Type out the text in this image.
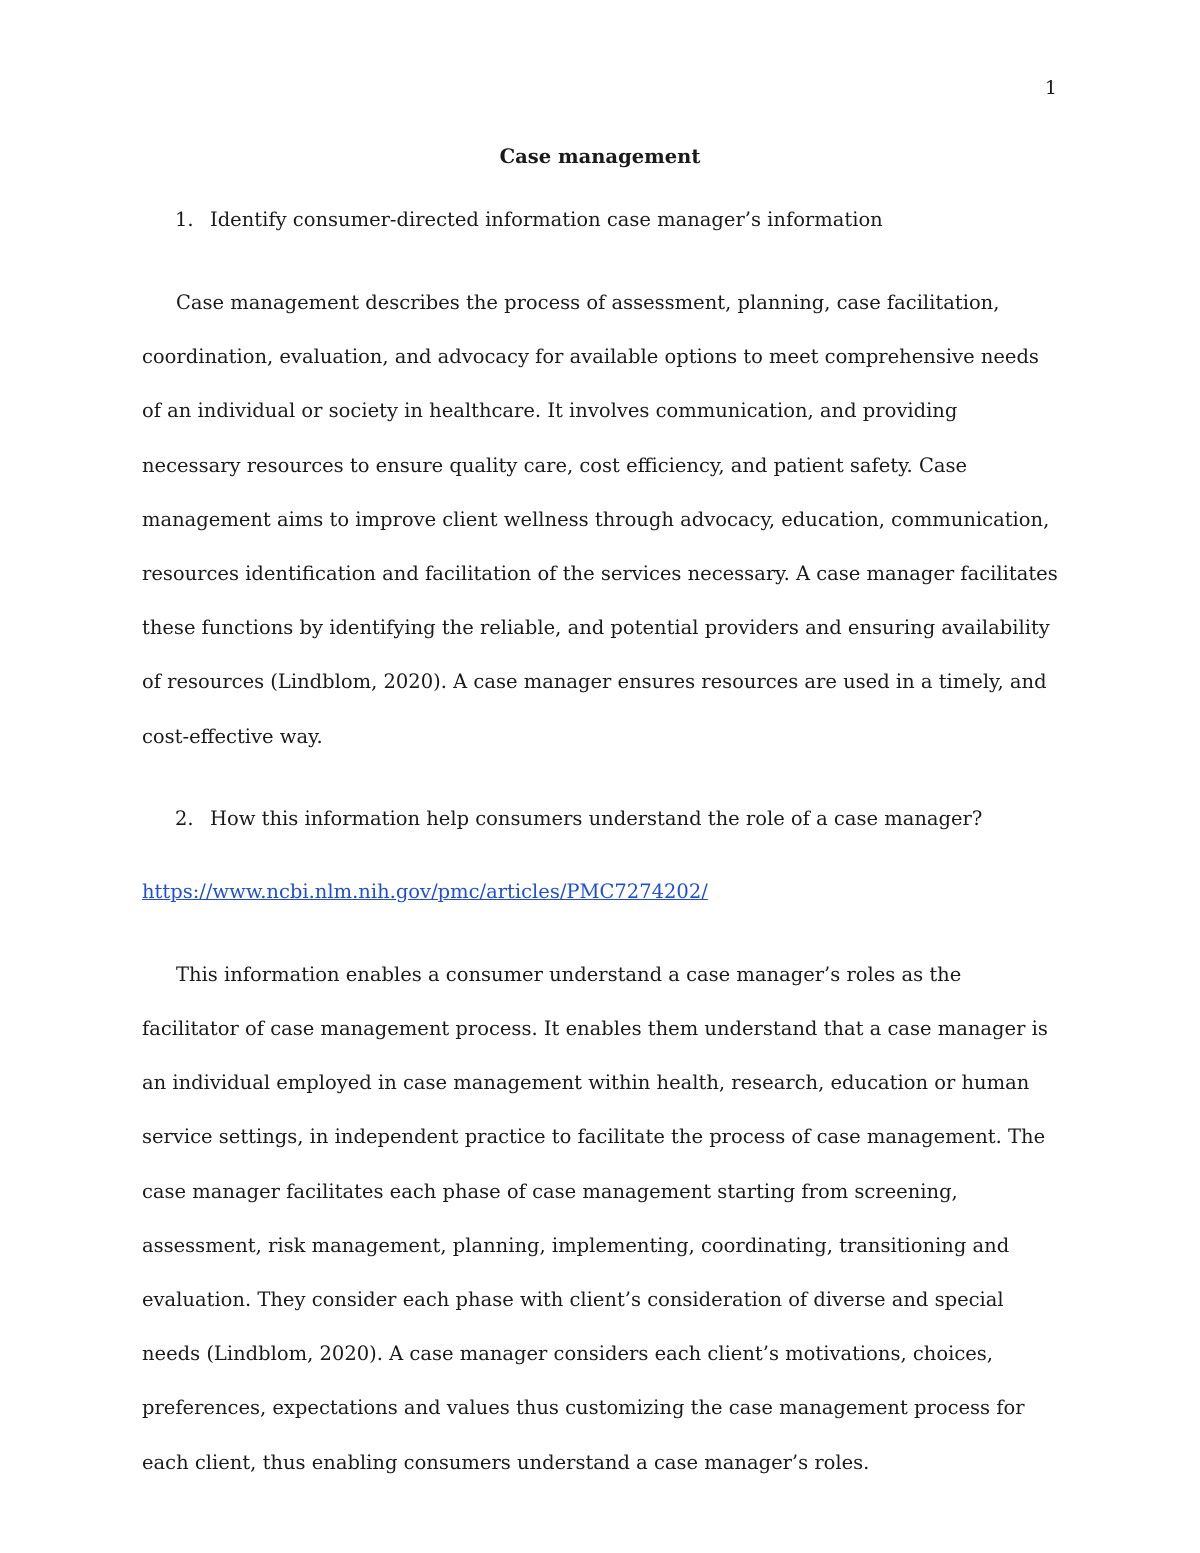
1
Case management
1. Identify consumer-directed information case manager’s information

Case management describes the process of assessment, planning, case facilitation, coordination, evaluation, and advocacy for available options to meet comprehensive needs of an individual or society in healthcare. It involves communication, and providing necessary resources to ensure quality care, cost efficiency, and patient safety. Case management aims to improve client wellness through advocacy, education, communication, resources identification and facilitation of the services necessary. A case manager facilitates these functions by identifying the reliable, and potential providers and ensuring availability of resources (Lindblom, 2020). A case manager ensures resources are used in a timely, and cost-effective way.

2. How this information help consumers understand the role of a case manager?

https://www.ncbi.nlm.nih.gov/pmc/articles/PMC7274202/

This information enables a consumer understand a case manager’s roles as the facilitator of case management process. It enables them understand that a case manager is an individual employed in case management within health, research, education or human service settings, in independent practice to facilitate the process of case management. The case manager facilitates each phase of case management starting from screening, assessment, risk management, planning, implementing, coordinating, transitioning and evaluation. They consider each phase with client’s consideration of diverse and special needs (Lindblom, 2020). A case manager considers each client’s motivations, choices, preferences, expectations and values thus customizing the case management process for each client, thus enabling consumers understand a case manager’s roles.
